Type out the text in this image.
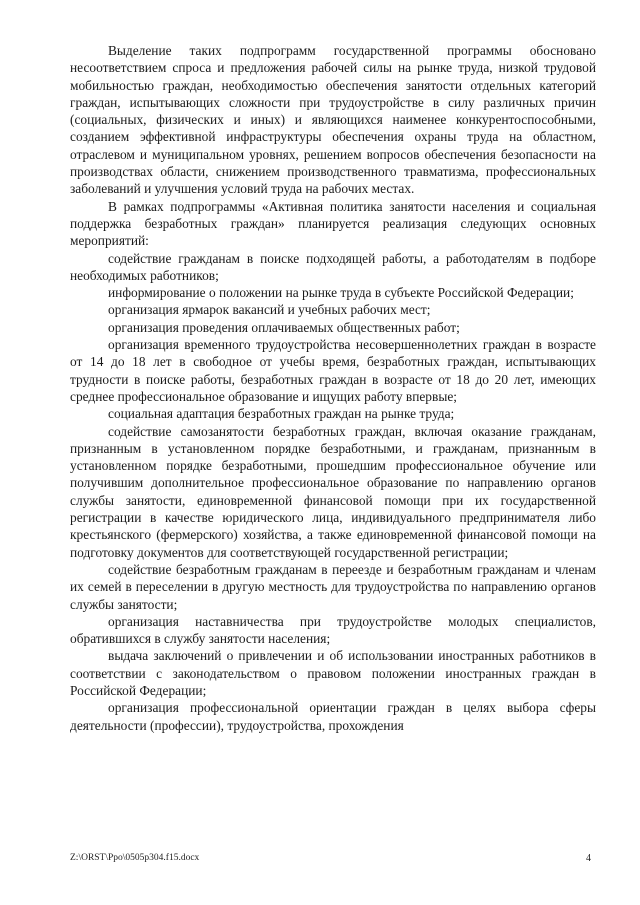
Выделение таких подпрограмм государственной программы обосновано несоответствием спроса и предложения рабочей силы на рынке труда, низкой трудовой мобильностью граждан, необходимостью обеспечения занятости отдельных категорий граждан, испытывающих сложности при трудоустройстве в силу различных причин (социальных, физических и иных) и являющихся наименее конкурентоспособными, созданием эффективной инфраструктуры обеспечения охраны труда на областном, отраслевом и муниципальном уровнях, решением вопросов обеспечения безопасности на производствах области, снижением производственного травматизма, профессиональных заболеваний и улучшения условий труда на рабочих местах.

В рамках подпрограммы «Активная политика занятости населения и социальная поддержка безработных граждан» планируется реализация следующих основных мероприятий:

содействие гражданам в поиске подходящей работы, а работодателям в подборе необходимых работников;

информирование о положении на рынке труда в субъекте Российской Федерации;

организация ярмарок вакансий и учебных рабочих мест;

организация проведения оплачиваемых общественных работ;

организация временного трудоустройства несовершеннолетних граждан в возрасте от 14 до 18 лет в свободное от учебы время, безработных граждан, испытывающих трудности в поиске работы, безработных граждан в возрасте от 18 до 20 лет, имеющих среднее профессиональное образование и ищущих работу впервые;

социальная адаптация безработных граждан на рынке труда;

содействие самозанятости безработных граждан, включая оказание гражданам, признанным в установленном порядке безработными, и гражданам, признанным в установленном порядке безработными, прошедшим профессиональное обучение или получившим дополнительное профессиональное образование по направлению органов службы занятости, единовременной финансовой помощи при их государственной регистрации в качестве юридического лица, индивидуального предпринимателя либо крестьянского (фермерского) хозяйства, а также единовременной финансовой помощи на подготовку документов для соответствующей государственной регистрации;

содействие безработным гражданам в переезде и безработным гражданам и членам их семей в переселении в другую местность для трудоустройства по направлению органов службы занятости;

организация наставничества при трудоустройстве молодых специалистов, обратившихся в службу занятости населения;

выдача заключений о привлечении и об использовании иностранных работников в соответствии с законодательством о правовом положении иностранных граждан в Российской Федерации;

организация профессиональной ориентации граждан в целях выбора сферы деятельности (профессии), трудоустройства, прохождения

Z:\ORST\Ppo\0505p304.f15.docx	4
